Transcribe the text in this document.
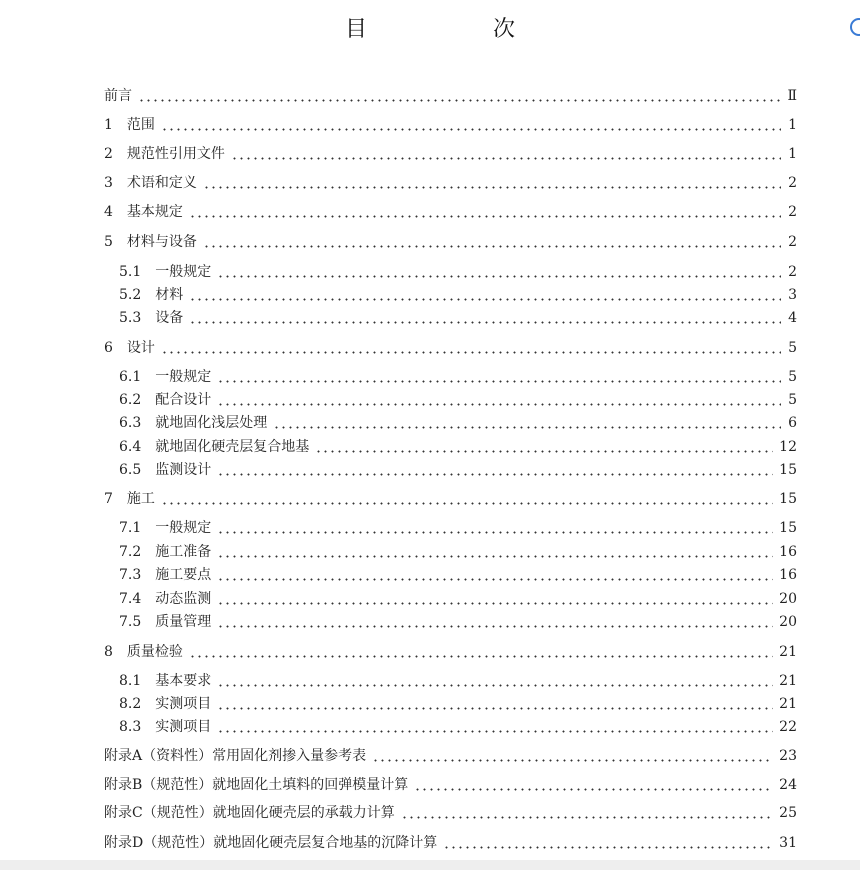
目　次
前言	Ⅱ
1　 范围	1
2　 规范性引用文件	1
3　 术语和定义	2
4　 基本规定	2
5　 材料与设备	2
5.1　 一般规定	2
5.2　 材料	3
5.3　 设备	4
6　 设计	5
6.1　 一般规定	5
6.2　 配合设计	5
6.3　 就地固化浅层处理	6
6.4　 就地固化硬壳层复合地基	12
6.5　 监测设计	15
7　 施工	15
7.1　 一般规定	15
7.2　 施工准备	16
7.3　 施工要点	16
7.4　 动态监测	20
7.5　 质量管理	20
8　 质量检验	21
8.1　 基本要求	21
8.2　 实测项目	21
8.3　 实测项目	22
附录A（资料性）常用固化剂掺入量参考表	23
附录B（规范性）就地固化土填料的回弹模量计算	24
附录C（规范性）就地固化硬壳层的承载力计算	25
附录D（规范性）就地固化硬壳层复合地基的沉降计算	31
